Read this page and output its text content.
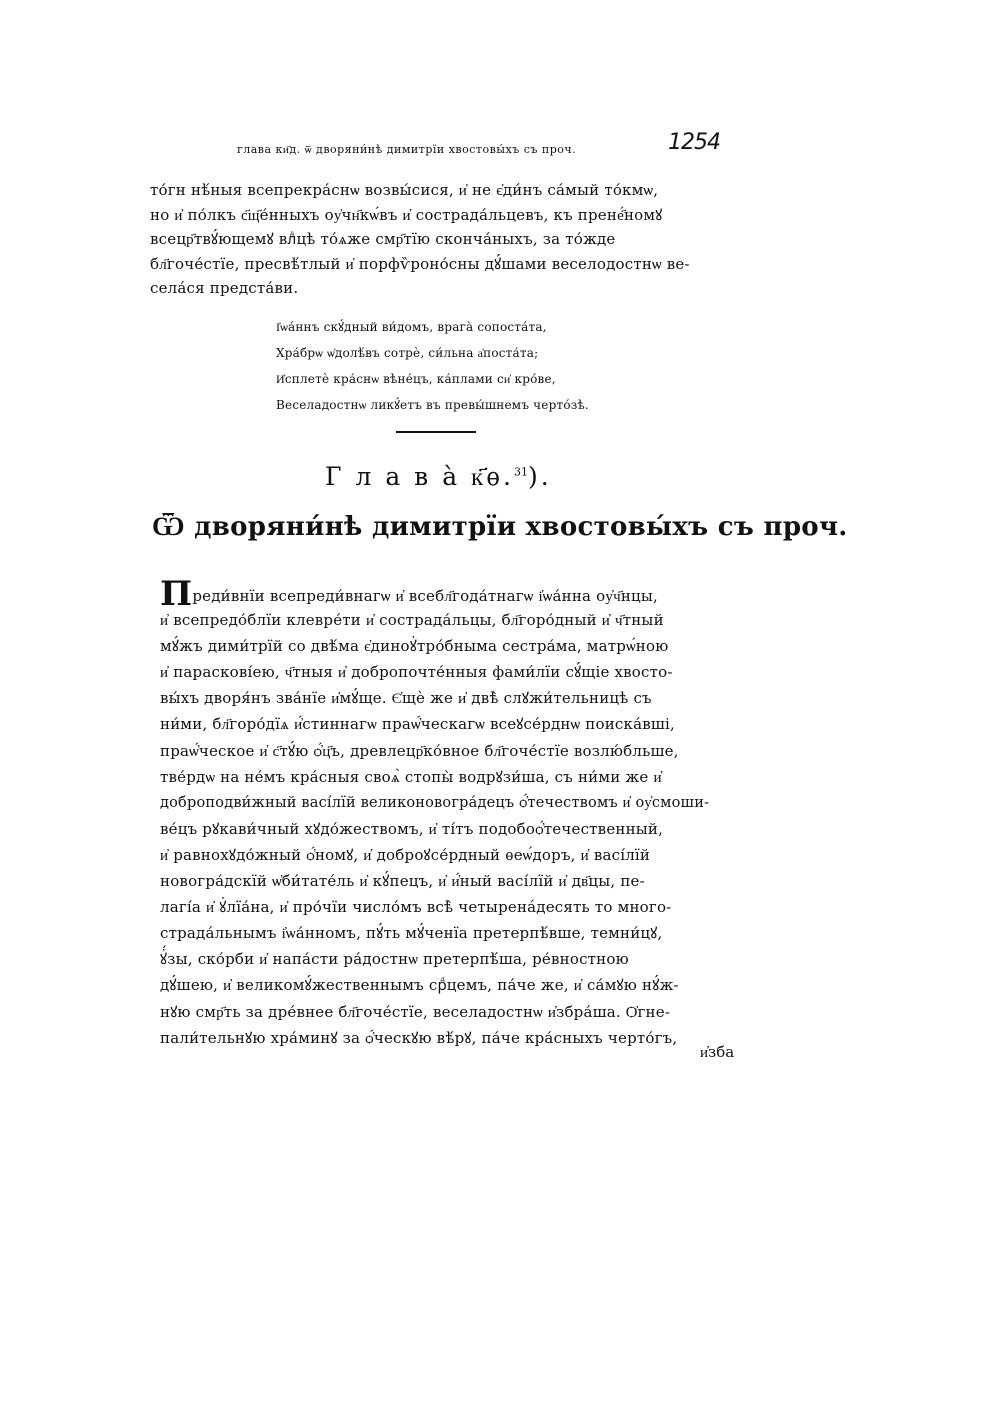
глава ки҃д. ѿ дворяни́нѣ димитрїи хвостовы́хъ съ проч.	1254
то́гн нѣ́ныя всепрекра́снѡ возвы́сися, и҆ не є҆ди́нъ са́мый то́кмѡ,
но и҆ по́лкъ с҃щ҃е́нныхъ оу҆чн҃кѡ́въ и҆ сострада́льцевъ, къ прене҃́номꙋ
всецр҃твꙋ́ющемꙋ влⷣцѣ то́ѧже смр҃тїю сконча́ныхъ, за то́жде
бл҃гоче́стїе, пресвѣ́тлый и҆ порфѷроно́сны дꙋ́шами веселодостнѡ ве-
села́ся предста́ви.
І҆ѡа́ннъ скꙋ́дный ви́домъ, врага̀ сопоста́та,
Хра́брѡ ѡ҆долѣ́въ сотрѐ, си́льна а҆поста́та;
И҆сплетѐ кра́снѡ вѣне́цъ, ка́плами си҆ кро́ве,
Веселадостнѡ ликꙋ́етъ въ превы́шнемъ черто́зѣ.
Г л а в а̀ к҃ѳ.$^{31}$).
Ѿ дворяни́нѣ димитрїи хвостовы́хъ съ проч.
Преди́внїи всепреди́внагѡ и҆ всебл҃года́тнагѡ і҆ѡа́нна оу҆ч҃нцы,
и҆ всепредо́блїи клевре́ти и҆ сострада́льцы, бл҃горо́дный и҆ ч҃тный
мꙋ́жъ дими́трїй со двѣ́ма є҆диноꙋ҆тро́бныма сестра́ма, матрѡ́ною
и҆ параскові́ею, ч҃тныя и҆ добропочте́нныя фами́лїи сꙋ́щіе хвосто-
вы́хъ дворя́нъ зва́нїе и҆мꙋ́ще. Є҆щѐ же и҆ двѣ̀ слꙋжи́тельницѣ съ
ни́ми, бл҃горо́дїѧ и҆́стиннагѡ праѡ҆́ческагѡ всеꙋсе́рднѡ поиска́вші,
праѡ҆́ческое и҆ с҃тꙋ́ю ѻ҆́ц҃ъ, древлецр҃ко́вное бл҃гоче́стїе возлю́бльше,
тве́рдѡ на не́мъ кра́сныя своѧ̀ стопы̀ водрꙋзи́ша, съ ни́ми же и҆
доброподви́жный васі́лїй великоновогра́децъ ѻ҆́течествомъ и҆ оу҆смоши-
ве́цъ рꙋкави́чный хꙋдо́жествомъ, и҆ ті́тъ подобоѻ҆́течественный,
и҆ равнохꙋдо́жный ѻ҆́номꙋ, и҆ доброꙋсе́рдный ѳеѡ́доръ, и҆ васі́лїй
новогра́дскїй ѡ҆би́тате́ль и҆ кꙋ́пецъ, и҆ и҆́ный васі́лїй и҆ дв҃цы, пе-
лагі́а и҆ ꙋ҆лїа́на, и҆ про́чїи число́мъ всѣ̀ четыренáдесять то много-
страда́льнымъ і҆ѡа́нномъ, пꙋ́ть мꙋ́ченїа претерпѣ́вше, темни́цꙋ,
ꙋ҆́зы, ско́рби и҆ напа́сти ра́достнѡ претерпѣ́ша, ре́вностною
дꙋ́шею, и҆ великомꙋ́жественнымъ срⷣцемъ, па́че же, и҆ са́мꙋю нꙋ́ж-
нꙋю смр҃ть за дре́внее бл҃гоче́стїе, веселадостнѡ и҆збра́ша. Ѻ҆гне-
пали́тельнꙋю хра́минꙋ за ѻ҆́ческꙋю вѣ́рꙋ, па́че кра́сныхъ черто́гъ,
и҆зба
